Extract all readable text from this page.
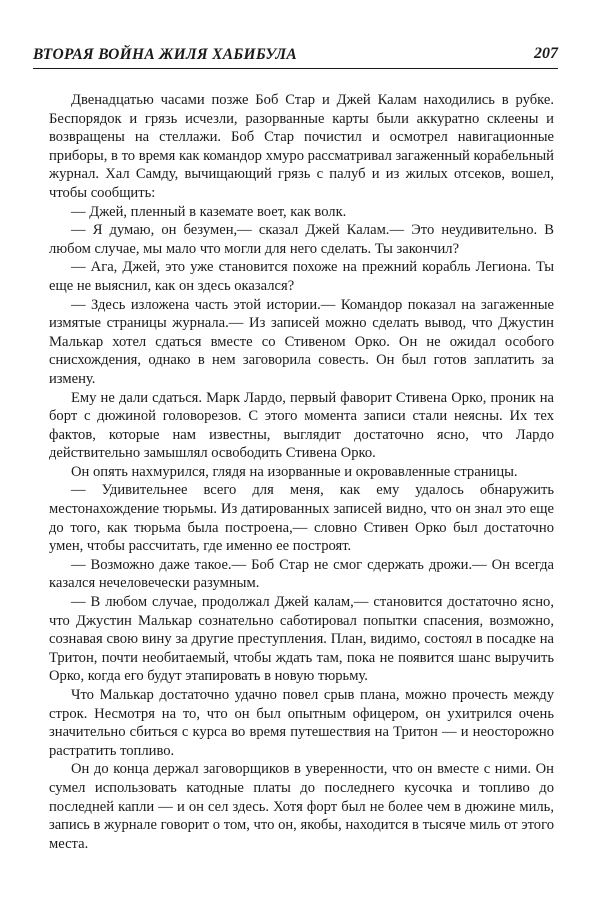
ВТОРАЯ ВОЙНА ЖИЛЯ ХАБИБУЛА	207

Двенадцатью часами позже Боб Стар и Джей Калам находились в рубке. Беспорядок и грязь исчезли, разорванные карты были аккуратно склеены и возвращены на стеллажи. Боб Стар почистил и осмотрел навигационные приборы, в то время как командор хмуро рассматривал загаженный корабельный журнал. Хал Самду, вычищающий грязь с палуб и из жилых отсеков, вошел, чтобы сообщить:

— Джей, пленный в каземате воет, как волк.

— Я думаю, он безумен,— сказал Джей Калам.— Это неудивительно. В любом случае, мы мало что могли для него сделать. Ты закончил?

— Ага, Джей, это уже становится похоже на прежний корабль Легиона. Ты еще не выяснил, как он здесь оказался?

— Здесь изложена часть этой истории.— Командор показал на загаженные измятые страницы журнала.— Из записей можно сделать вывод, что Джустин Малькар хотел сдаться вместе со Стивеном Орко. Он не ожидал особого снисхождения, однако в нем заговорила совесть. Он был готов заплатить за измену.

Ему не дали сдаться. Марк Лардо, первый фаворит Стивена Орко, проник на борт с дюжиной головорезов. С этого момента записи стали неясны. Их тех фактов, которые нам известны, выглядит достаточно ясно, что Лардо действительно замышлял освободить Стивена Орко.

Он опять нахмурился, глядя на изорванные и окровавленные страницы.

— Удивительнее всего для меня, как ему удалось обнаружить местонахождение тюрьмы. Из датированных записей видно, что он знал это еще до того, как тюрьма была построена,— словно Стивен Орко был достаточно умен, чтобы рассчитать, где именно ее построят.

— Возможно даже такое.— Боб Стар не смог сдержать дрожи.— Он всегда казался нечеловечески разумным.

— В любом случае, продолжал Джей калам,— становится достаточно ясно, что Джустин Малькар сознательно саботировал попытки спасения, возможно, сознавая свою вину за другие преступления. План, видимо, состоял в посадке на Тритон, почти необитаемый, чтобы ждать там, пока не появится шанс выручить Орко, когда его будут этапировать в новую тюрьму.

Что Малькар достаточно удачно повел срыв плана, можно прочесть между строк. Несмотря на то, что он был опытным офицером, он ухитрился очень значительно сбиться с курса во время путешествия на Тритон — и неосторожно растратить топливо.

Он до конца держал заговорщиков в уверенности, что он вместе с ними. Он сумел использовать катодные платы до последнего кусочка и топливо до последней капли — и он сел здесь. Хотя форт был не более чем в дюжине миль, запись в журнале говорит о том, что он, якобы, находится в тысяче миль от этого места.
